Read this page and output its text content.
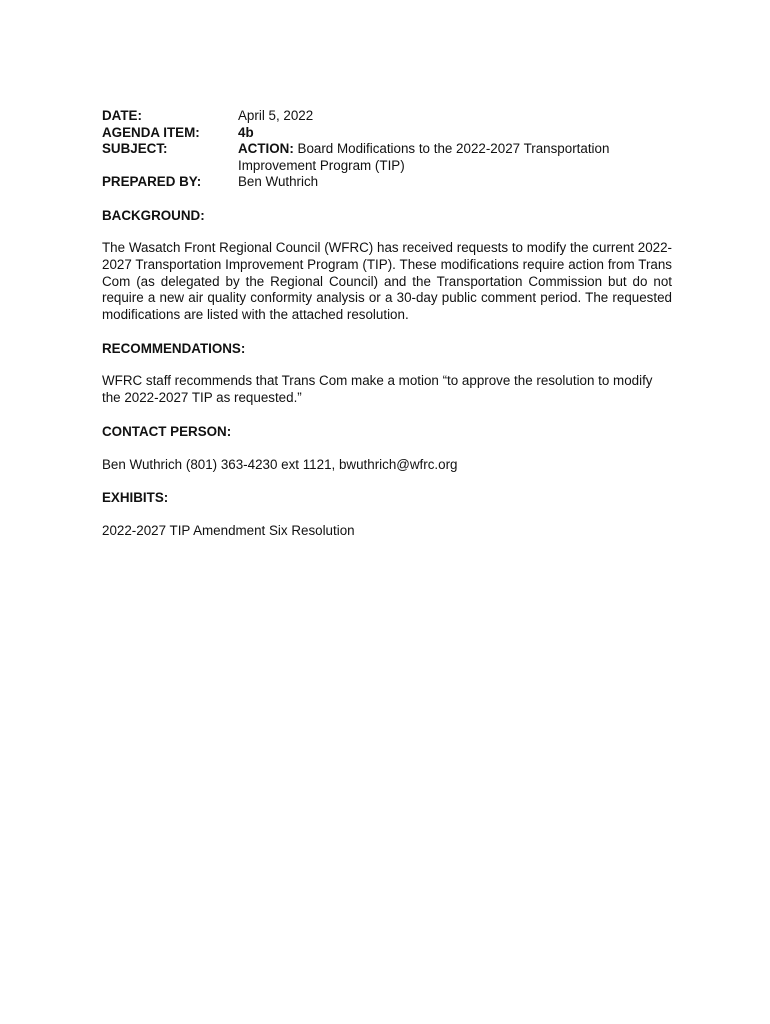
DATE:	April 5, 2022
AGENDA ITEM:	4b
SUBJECT:	ACTION: Board Modifications to the 2022-2027 Transportation Improvement Program (TIP)
PREPARED BY:	Ben Wuthrich
BACKGROUND:
The Wasatch Front Regional Council (WFRC) has received requests to modify the current 2022-2027 Transportation Improvement Program (TIP). These modifications require action from Trans Com (as delegated by the Regional Council) and the Transportation Commission but do not require a new air quality conformity analysis or a 30-day public comment period. The requested modifications are listed with the attached resolution.
RECOMMENDATIONS:
WFRC staff recommends that Trans Com make a motion “to approve the resolution to modify the 2022-2027 TIP as requested.”
CONTACT PERSON:
Ben Wuthrich (801) 363-4230 ext 1121, bwuthrich@wfrc.org
EXHIBITS:
2022-2027 TIP Amendment Six Resolution
